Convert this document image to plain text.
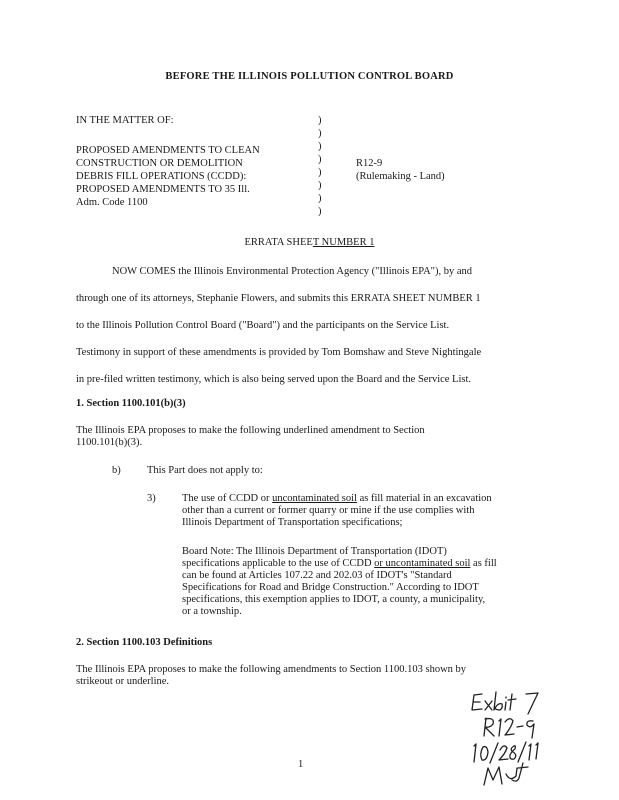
BEFORE THE ILLINOIS POLLUTION CONTROL BOARD
IN THE MATTER OF:
PROPOSED AMENDMENTS TO CLEAN
CONSTRUCTION OR DEMOLITION
DEBRIS FILL OPERATIONS (CCDD):
PROPOSED AMENDMENTS TO 35 Ill.
Adm. Code 1100
)
)
)
)
)
)
)
)
R12-9
(Rulemaking - Land)
ERRATA SHEET NUMBER 1
NOW COMES the Illinois Environmental Protection Agency ("Illinois EPA"), by and
through one of its attorneys, Stephanie Flowers, and submits this ERRATA SHEET NUMBER 1
to the Illinois Pollution Control Board ("Board") and the participants on the Service List.
Testimony in support of these amendments is provided by Tom Bomshaw and Steve Nightingale
in pre-filed written testimony, which is also being served upon the Board and the Service List.
1. Section 1100.101(b)(3)
The Illinois EPA proposes to make the following underlined amendment to Section
1100.101(b)(3).
b)	This Part does not apply to:
3)	The use of CCDD or uncontaminated soil as fill material in an excavation
other than a current or former quarry or mine if the use complies with
Illinois Department of Transportation specifications;
Board Note: The Illinois Department of Transportation (IDOT)
specifications applicable to the use of CCDD or uncontaminated soil as fill
can be found at Articles 107.22 and 202.03 of IDOT's "Standard
Specifications for Road and Bridge Construction." According to IDOT
specifications, this exemption applies to IDOT, a county, a municipality,
or a township.
2. Section 1100.103 Definitions
The Illinois EPA proposes to make the following amendments to Section 1100.103 shown by
strikeout or underline.
1
